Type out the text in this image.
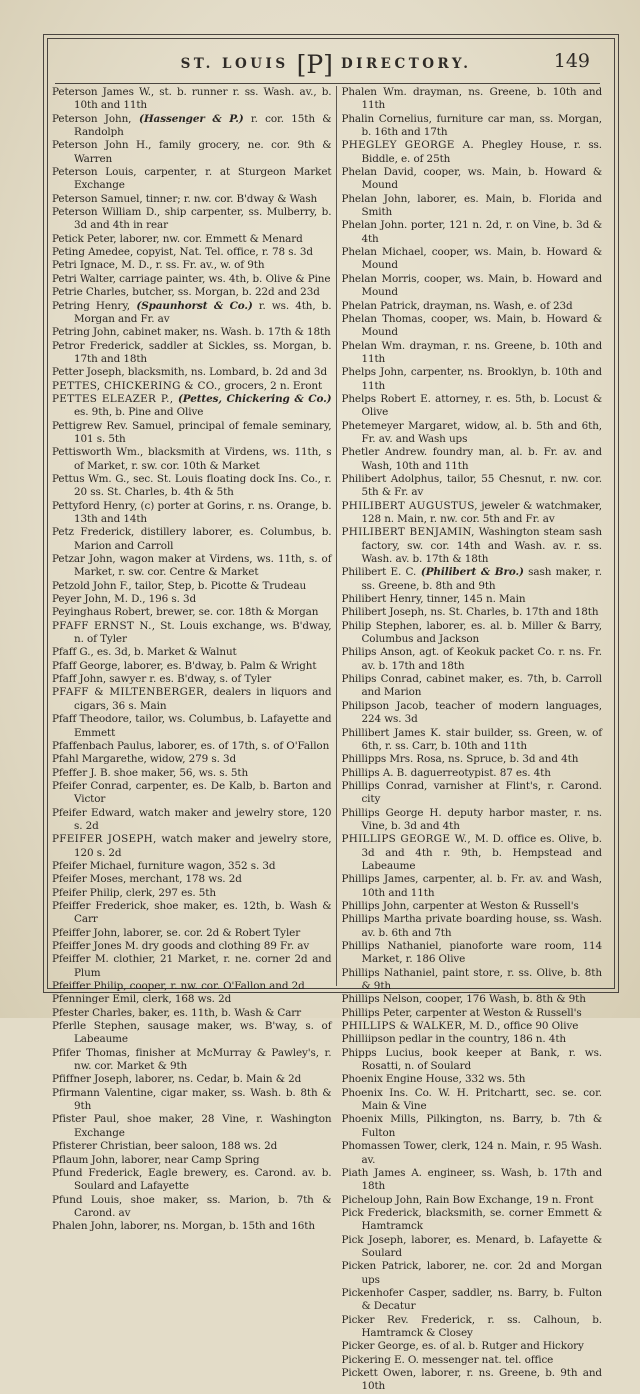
ST. LOUIS [P] DIRECTORY.	149
Peterson James W., st. b. runner r. ss. Wash. av., b. 10th and 11th
Peterson John, (Hassenger & P.) r. cor. 15th & Randolph
Peterson John H., family grocery, ne. cor. 9th & Warren
Peterson Louis, carpenter, r. at Sturgeon Market Exchange
Peterson Samuel, tinner; r. nw. cor. B'dway & Wash
Peterson William D., ship carpenter, ss. Mulberry, b. 3d and 4th in rear
Petick Peter, laborer, nw. cor. Emmett & Menard
Peting Amedee, copyist, Nat. Tel. office, r. 78 s. 3d
Petri Ignace, M. D., r. ss. Fr. av., w. of 9th
Petri Walter, carriage painter, ws. 4th, b. Olive & Pine
Petrie Charles, butcher, ss. Morgan, b. 22d and 23d
Petring Henry, (Spaunhorst & Co.) r. ws. 4th, b. Morgan and Fr. av
Petring John, cabinet maker, ns. Wash. b. 17th & 18th
Petror Frederick, saddler at Sickles, ss. Morgan, b. 17th and 18th
Petter Joseph, blacksmith, ns. Lombard, b. 2d and 3d
PETTES, CHICKERING & CO., grocers, 2 n. Eront
PETTES ELEAZER P., (Pettes, Chickering & Co.) es. 9th, b. Pine and Olive
Pettigrew Rev. Samuel, principal of female seminary, 101 s. 5th
Pettisworth Wm., blacksmith at Virdens, ws. 11th, s of Market, r. sw. cor. 10th & Market
Pettus Wm. G., sec. St. Louis floating dock Ins. Co., r. 20 ss. St. Charles, b. 4th & 5th
Pettyford Henry, (c) porter at Gorins, r. ns. Orange, b. 13th and 14th
Petz Frederick, distillery laborer, es. Columbus, b. Marion and Carroll
Petzar John, wagon maker at Virdens, ws. 11th, s. of Market, r. sw. cor. Centre & Market
Petzold John F., tailor, Step, b. Picotte & Trudeau
Peyer John, M. D., 196 s. 3d
Peyinghaus Robert, brewer, se. cor. 18th & Morgan
PFAFF ERNST N., St. Louis exchange, ws. B'dway, n. of Tyler
Pfaff G., es. 3d, b. Market & Walnut
Pfaff George, laborer, es. B'dway, b. Palm & Wright
Pfaff John, sawyer r. es. B'dway, s. of Tyler
PFAFF & MILTENBERGER, dealers in liquors and cigars, 36 s. Main
Pfaff Theodore, tailor, ws. Columbus, b. Lafayette and Emmett
Pfaffenbach Paulus, laborer, es. of 17th, s. of O'Fallon
Pfahl Margarethe, widow, 279 s. 3d
Pfeffer J. B. shoe maker, 56, ws. s. 5th
Pfeifer Conrad, carpenter, es. De Kalb, b. Barton and Victor
Pfeifer Edward, watch maker and jewelry store, 120 s. 2d
PFEIFER JOSEPH, watch maker and jewelry store, 120 s. 2d
Pfeifer Michael, furniture wagon, 352 s. 3d
Pfeifer Moses, merchant, 178 ws. 2d
Pfeifer Philip, clerk, 297 es. 5th
Pfeiffer Frederick, shoe maker, es. 12th, b. Wash & Carr
Pfeiffer John, laborer, se. cor. 2d & Robert Tyler
Pfeiffer Jones M. dry goods and clothing 89 Fr. av
Pfeiffer M. clothier, 21 Market, r. ne. corner 2d and Plum
Pfeiffer Philip, cooper, r. nw. cor. O'Fallon and 2d
Pfenninger Emil, clerk, 168 ws. 2d
Pfester Charles, baker, es. 11th, b. Wash & Carr
Pferlle Stephen, sausage maker, ws. B'way, s. of Labeaume
Pfifer Thomas, finisher at McMurray & Pawley's, r. nw. cor. Market & 9th
Pfiffner Joseph, laborer, ns. Cedar, b. Main & 2d
Pfirmann Valentine, cigar maker, ss. Wash. b. 8th & 9th
Pfister Paul, shoe maker, 28 Vine, r. Washington Exchange
Pfisterer Christian, beer saloon, 188 ws. 2d
Pflaum John, laborer, near Camp Spring
Pfund Frederick, Eagle brewery, es. Carond. av. b. Soulard and Lafayette
Pfund Louis, shoe maker, ss. Marion, b. 7th & Carond. av
Phalen John, laborer, ns. Morgan, b. 15th and 16th
Phalen Wm. drayman, ns. Greene, b. 10th and 11th
Phalin Cornelius, furniture car man, ss. Morgan, b. 16th and 17th
PHEGLEY GEORGE A. Phegley House, r. ss. Biddle, e. of 25th
Phelan David, cooper, ws. Main, b. Howard & Mound
Phelan John, laborer, es. Main, b. Florida and Smith
Phelan John. porter, 121 n. 2d, r. on Vine, b. 3d & 4th
Phelan Michael, cooper, ws. Main, b. Howard & Mound
Phelan Morris, cooper, ws. Main, b. Howard and Mound
Phelan Patrick, drayman, ns. Wash, e. of 23d
Phelan Thomas, cooper, ws. Main, b. Howard & Mound
Phelan Wm. drayman, r. ns. Greene, b. 10th and 11th
Phelps John, carpenter, ns. Brooklyn, b. 10th and 11th
Phelps Robert E. attorney, r. es. 5th, b. Locust & Olive
Phetemeyer Margaret, widow, al. b. 5th and 6th, Fr. av. and Wash ups
Phetler Andrew. foundry man, al. b. Fr. av. and Wash, 10th and 11th
Philibert Adolphus, tailor, 55 Chesnut, r. nw. cor. 5th & Fr. av
PHILIBERT AUGUSTUS, jeweler & watchmaker, 128 n. Main, r. nw. cor. 5th and Fr. av
PHILIBERT BENJAMIN, Washington steam sash factory, sw. cor. 14th and Wash. av. r. ss. Wash. av. b. 17th & 18th
Philibert E. C. (Philibert & Bro.) sash maker, r. ss. Greene, b. 8th and 9th
Philibert Henry, tinner, 145 n. Main
Philibert Joseph, ns. St. Charles, b. 17th and 18th
Philip Stephen, laborer, es. al. b. Miller & Barry, Columbus and Jackson
Philips Anson, agt. of Keokuk packet Co. r. ns. Fr. av. b. 17th and 18th
Philips Conrad, cabinet maker, es. 7th, b. Carroll and Marion
Philipson Jacob, teacher of modern languages, 224 ws. 3d
Phillibert James K. stair builder, ss. Green, w. of 6th, r. ss. Carr, b. 10th and 11th
Phillipps Mrs. Rosa, ns. Spruce, b. 3d and 4th
Phillips A. B. daguerreotypist. 87 es. 4th
Phillips Conrad, varnisher at Flint's, r. Carond. city
Phillips George H. deputy harbor master, r. ns. Vine, b. 3d and 4th
PHILLIPS GEORGE W., M. D. office es. Olive, b. 3d and 4th r. 9th, b. Hempstead and Labeaume
Phillips James, carpenter, al. b. Fr. av. and Wash, 10th and 11th
Phillips John, carpenter at Weston & Russell's
Phillips Martha private boarding house, ss. Wash. av. b. 6th and 7th
Phillips Nathaniel, pianoforte ware room, 114 Market, r. 186 Olive
Phillips Nathaniel, paint store, r. ss. Olive, b. 8th & 9th
Phillips Nelson, cooper, 176 Wash, b. 8th & 9th
Phillips Peter, carpenter at Weston & Russell's
PHILLIPS & WALKER, M. D., office 90 Olive
Philliipson pedlar in the country, 186 n. 4th
Phipps Lucius, book keeper at Bank, r. ws. Rosatti, n. of Soulard
Phoenix Engine House, 332 ws. 5th
Phoenix Ins. Co. W. H. Pritchartt, sec. se. cor. Main & Vine
Phoenix Mills, Pilkington, ns. Barry, b. 7th & Fulton
Phomassen Tower, clerk, 124 n. Main, r. 95 Wash. av.
Piath James A. engineer, ss. Wash, b. 17th and 18th
Picheloup John, Rain Bow Exchange, 19 n. Front
Pick Frederick, blacksmith, se. corner Emmett & Hamtramck
Pick Joseph, laborer, es. Menard, b. Lafayette & Soulard
Picken Patrick, laborer, ne. cor. 2d and Morgan ups
Pickenhofer Casper, saddler, ns. Barry, b. Fulton & Decatur
Picker Rev. Frederick, r. ss. Calhoun, b. Hamtramck & Closey
Picker George, es. of al. b. Rutger and Hickory
Pickering E. O. messenger nat. tel. office
Pickett Owen, laborer, r. ns. Greene, b. 9th and 10th
